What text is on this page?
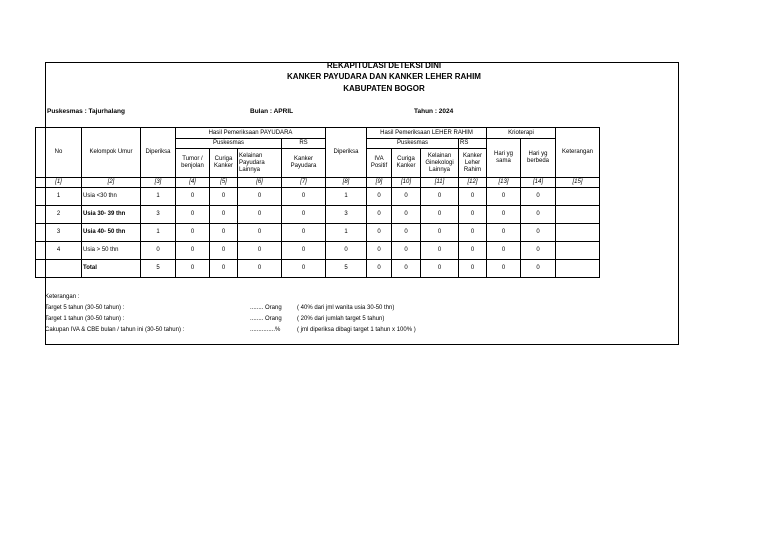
REKAPITULASI DETEKSI DINI
KANKER PAYUDARA DAN KANKER LEHER RAHIM
KABUPATEN BOGOR
Puskesmas : Tajurhalang	Bulan : APRIL	Tahun : 2024
No	Kelompok Umur	Diperiksa	Hasil Pemeriksaan PAYUDARA				Diperiksa	Hasil Pemeriksaan LEHER RAHIM				Krioterapi		Keterangan
			Puskesmas			RS		Puskesmas			RS	Hari yg sama	Hari yg berbeda	
			Tumor / benjolan	Curiga Kanker	Kelainan Payudara Lainnya	Kanker Payudara		IVA Positif	Curiga Kanker	Kelainan Ginekologi Lainnya	Kanker Leher Rahim			
[1]	[2]	[3]	[4]	[5]	[6]	[7]	[8]	[9]	[10]	[11]	[12]	[13]	[14]	[15]
1	Usia <30 thn	1	0	0	0	0	1	0	0	0	0	0	0	
2	Usia 30- 39 thn	3	0	0	0	0	3	0	0	0	0	0	0	
3	Usia 40- 50 thn	1	0	0	0	0	1	0	0	0	0	0	0	
4	Usia > 50 thn	0	0	0	0	0	0	0	0	0	0	0	0	
	Total	5	0	0	0	0	5	0	0	0	0	0	0	
Keterangan :
Target 5 tahun (30-50 tahun) :	........ Orang	( 40% dari jml wanita usia 30-50 thn)
Target 1 tahun (30-50 tahun) :	........ Orang	( 20% dari jumlah target 5 tahun)
Cakupan IVA & CBE bulan / tahun ini (30-50 tahun) :	...............%	( jml diperiksa dibagi target 1 tahun x 100% )
